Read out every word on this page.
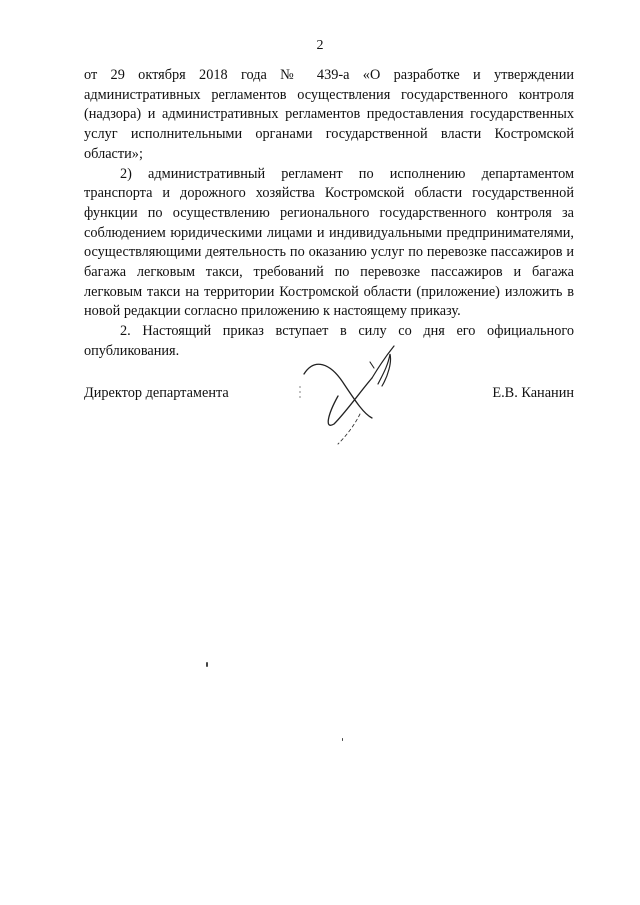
2

от 29 октября 2018 года № 439-а «О разработке и утверждении административных регламентов осуществления государственного контроля (надзора) и административных регламентов предоставления государственных услуг исполнительными органами государственной власти Костромской области»;

2) административный регламент по исполнению департаментом транспорта и дорожного хозяйства Костромской области государственной функции по осуществлению регионального государственного контроля за соблюдением юридическими лицами и индивидуальными предпринимателями, осуществляющими деятельность по оказанию услуг по перевозке пассажиров и багажа легковым такси, требований по перевозке пассажиров и багажа легковым такси на территории Костромской области (приложение) изложить в новой редакции согласно приложению к настоящему приказу.

2. Настоящий приказ вступает в силу со дня его официального опубликования.

Директор департамента	Е.В. Кананин
